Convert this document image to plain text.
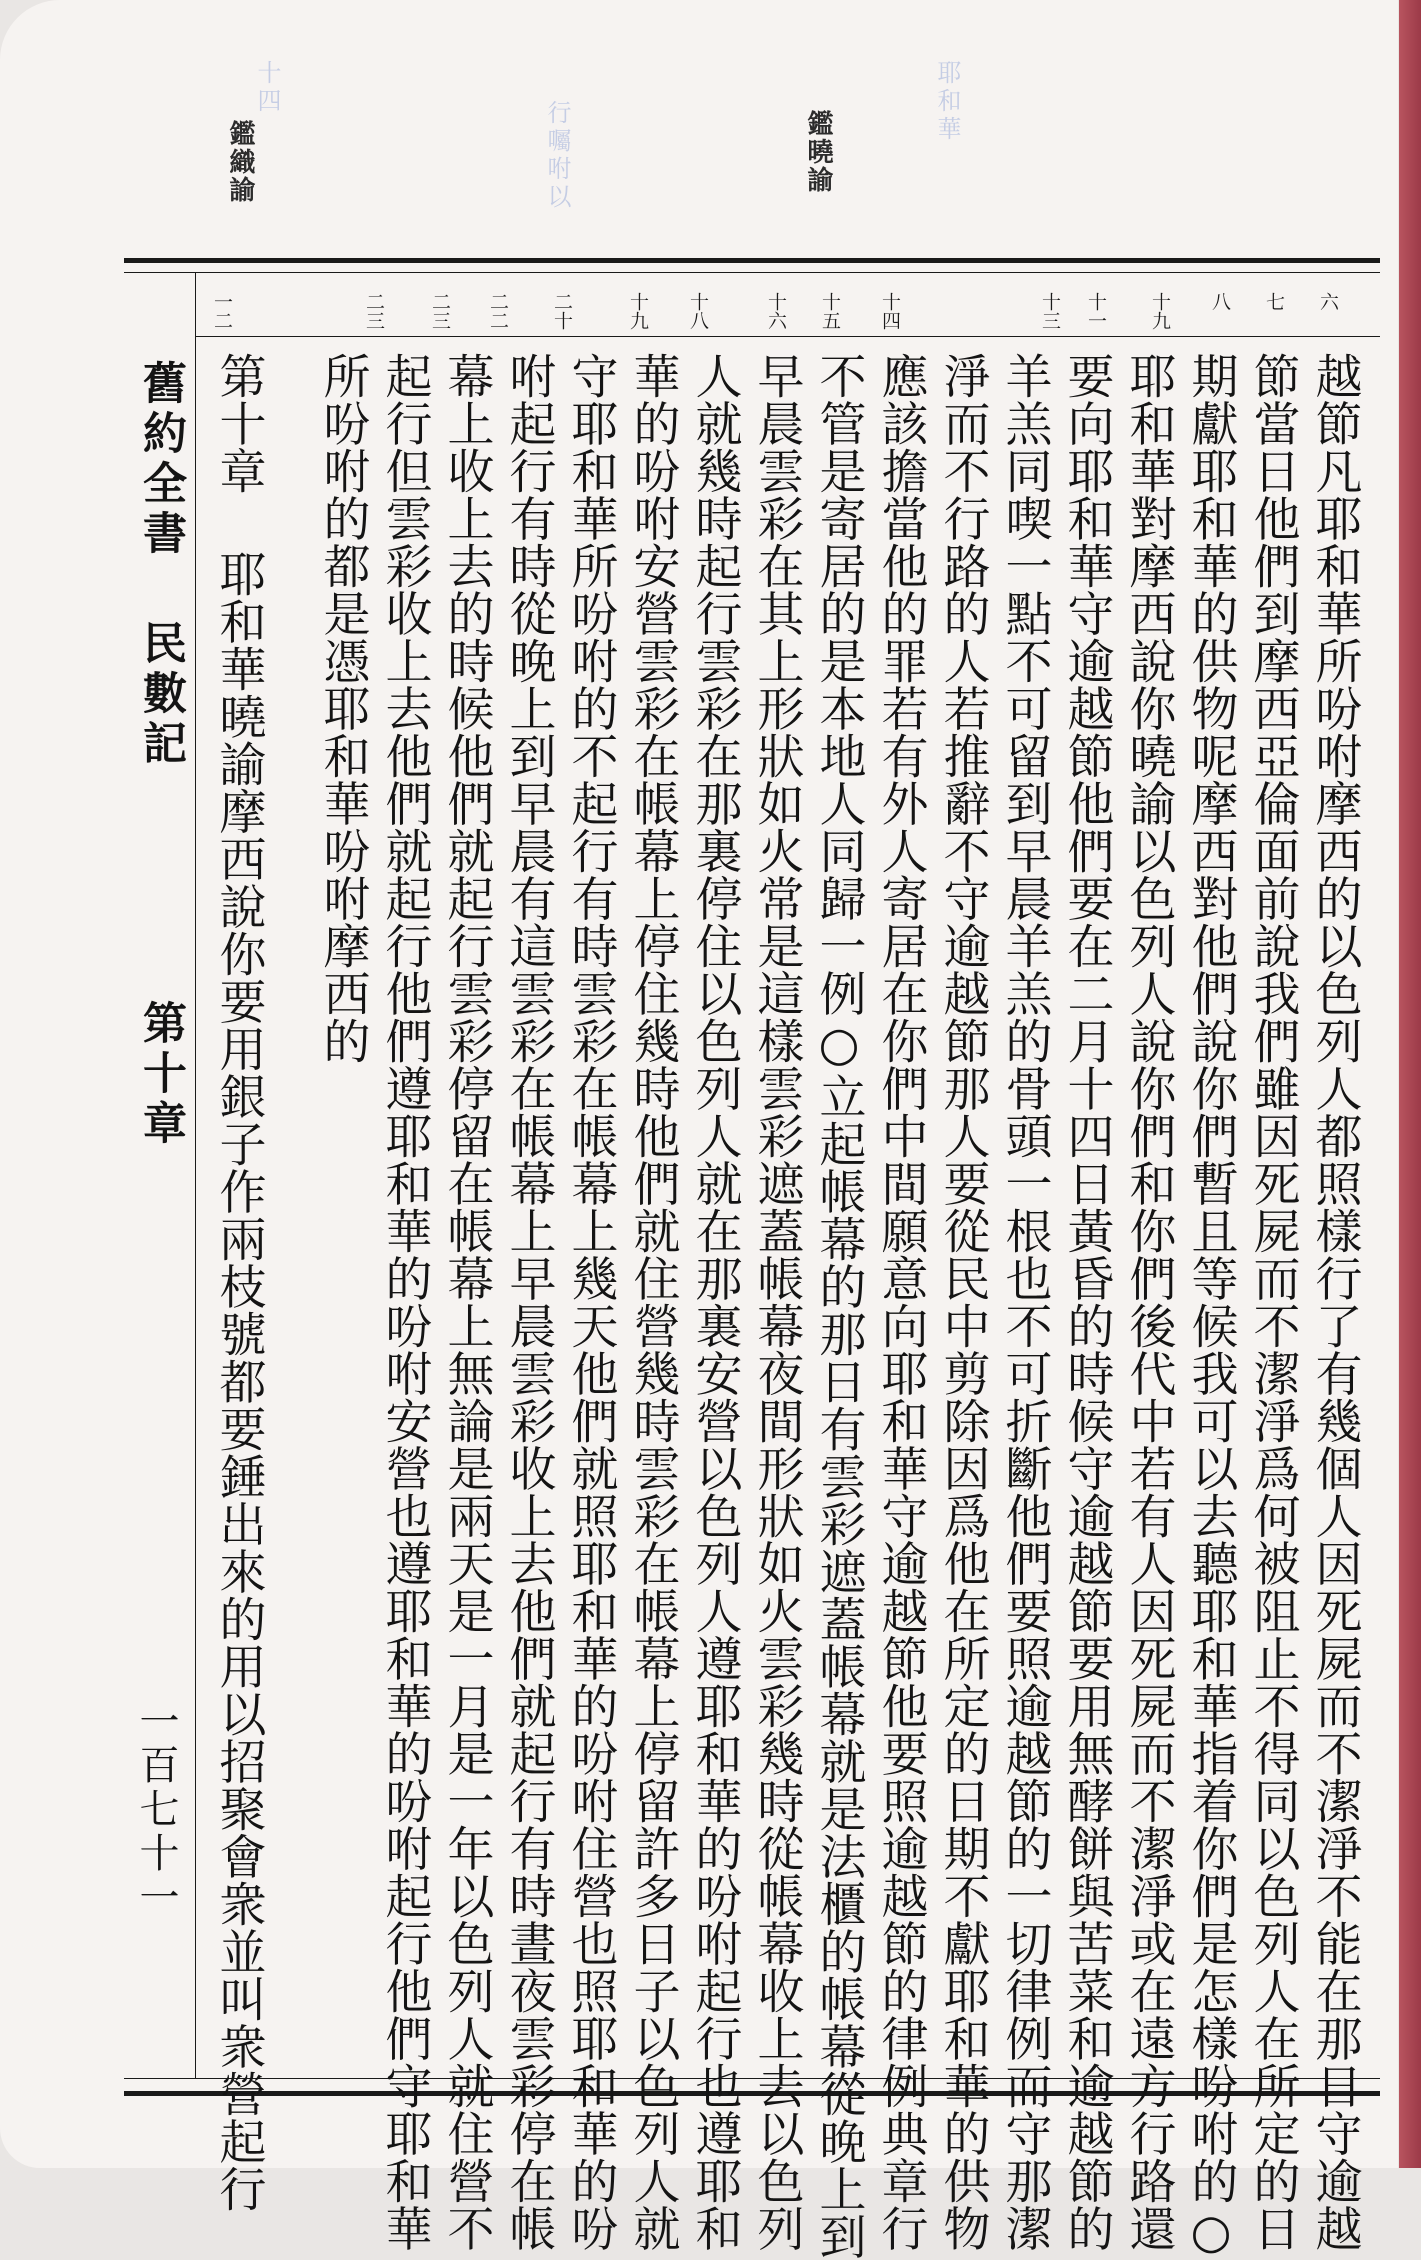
十四
行囑咐以	耶和華
鑑織諭	鑑曉諭
舊約全書
民數記
第十章
一百七十一
六
七
八
十九
十一
十三
十四
十五
十六
十八
十九
二十
二二
二三
二三
一二
越節凡耶和華所吩咐摩西的以色列人都照樣行了有幾個人因死屍而不潔淨不能在那日守逾越
節當日他們到摩西亞倫面前說我們雖因死屍而不潔淨爲何被阻止不得同以色列人在所定的日
期獻耶和華的供物呢摩西對他們說你們暫且等候我可以去聽耶和華指着你們是怎樣吩咐的○
耶和華對摩西說你曉諭以色列人說你們和你們後代中若有人因死屍而不潔淨或在遠方行路還
要向耶和華守逾越節他們要在二月十四日黃昏的時候守逾越節要用無酵餅與苦菜和逾越節的
羊羔同喫一點不可留到早晨羊羔的骨頭一根也不可折斷他們要照逾越節的一切律例而守那潔
淨而不行路的人若推辭不守逾越節那人要從民中剪除因爲他在所定的日期不獻耶和華的供物
應該擔當他的罪若有外人寄居在你們中間願意向耶和華守逾越節他要照逾越節的律例典章行
不管是寄居的是本地人同歸一例○立起帳幕的那日有雲彩遮蓋帳幕就是法櫃的帳幕從晚上到
早晨雲彩在其上形狀如火常是這樣雲彩遮蓋帳幕夜間形狀如火雲彩幾時從帳幕收上去以色列
人就幾時起行雲彩在那裏停住以色列人就在那裏安營以色列人遵耶和華的吩咐起行也遵耶和
華的吩咐安營雲彩在帳幕上停住幾時他們就住營幾時雲彩在帳幕上停留許多日子以色列人就
守耶和華所吩咐的不起行有時雲彩在帳幕上幾天他們就照耶和華的吩咐住營也照耶和華的吩
咐起行有時從晚上到早晨有這雲彩在帳幕上早晨雲彩收上去他們就起行有時晝夜雲彩停在帳
幕上收上去的時候他們就起行雲彩停留在帳幕上無論是兩天是一月是一年以色列人就住營不
起行但雲彩收上去他們就起行他們遵耶和華的吩咐安營也遵耶和華的吩咐起行他們守耶和華
所吩咐的都是憑耶和華吩咐摩西的
第十章 耶和華曉諭摩西說你要用銀子作兩枝號都要錘出來的用以招聚會衆並叫衆營起行
